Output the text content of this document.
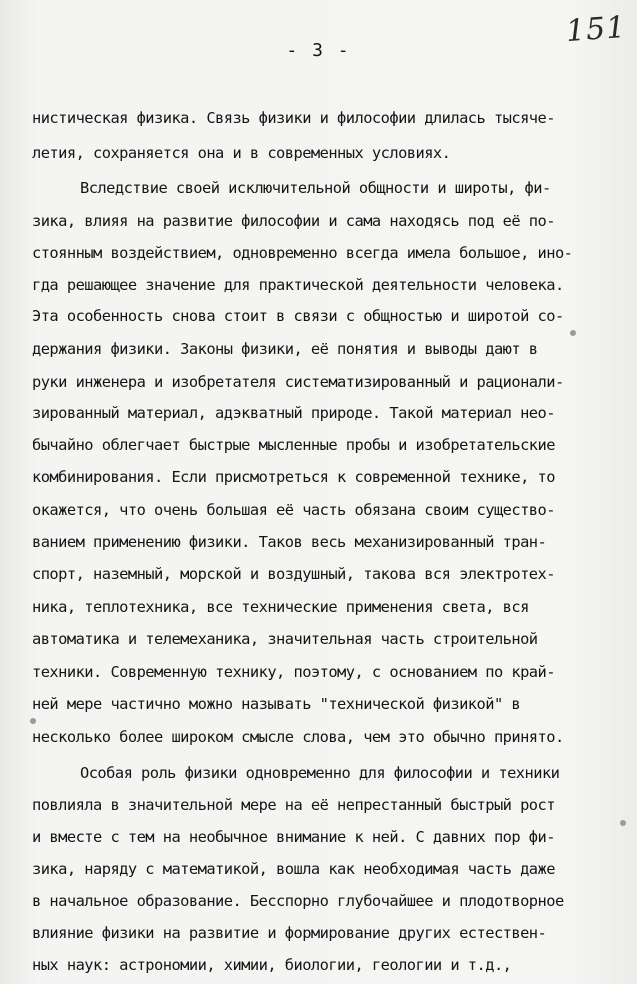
- 3 -
151
нистическая физика. Связь физики и философии длилась тысяче-
летия, сохраняется она и в современных условиях.
Вследствие своей исключительной общности и широты, фи-
зика, влияя на развитие философии и сама находясь под её по-
стоянным воздействием, одновременно всегда имела большое, ино-
гда решающее значение для практической деятельности человека.
Эта особенность снова стоит в связи с общностью и широтой со-
держания физики. Законы физики, её понятия и выводы дают в
руки инженера и изобретателя систематизированный и рационали-
зированный материал, адэкватный природе. Такой материал нео-
бычайно облегчает быстрые мысленные пробы и изобретательские
комбинирования. Если присмотреться к современной технике, то
окажется, что очень большая её часть обязана своим существо-
ванием применению физики. Таков весь механизированный тран-
спорт, наземный, морской и воздушный, такова вся электротех-
ника, теплотехника, все технические применения света, вся
автоматика и телемеханика, значительная часть строительной
техники. Современную технику, поэтому, с основанием по край-
ней мере частично можно называть "технической физикой" в
несколько более широком смысле слова, чем это обычно принято.
Особая роль физики одновременно для философии и техники
повлияла в значительной мере на её непрестанный быстрый рост
и вместе с тем на необычное внимание к ней. С давних пор фи-
зика, наряду с математикой, вошла как необходимая часть даже
в начальное образование. Бесспорно глубочайшее и плодотворное
влияние физики на развитие и формирование других естествен-
ных наук: астрономии, химии, биологии, геологии и т.д.,
